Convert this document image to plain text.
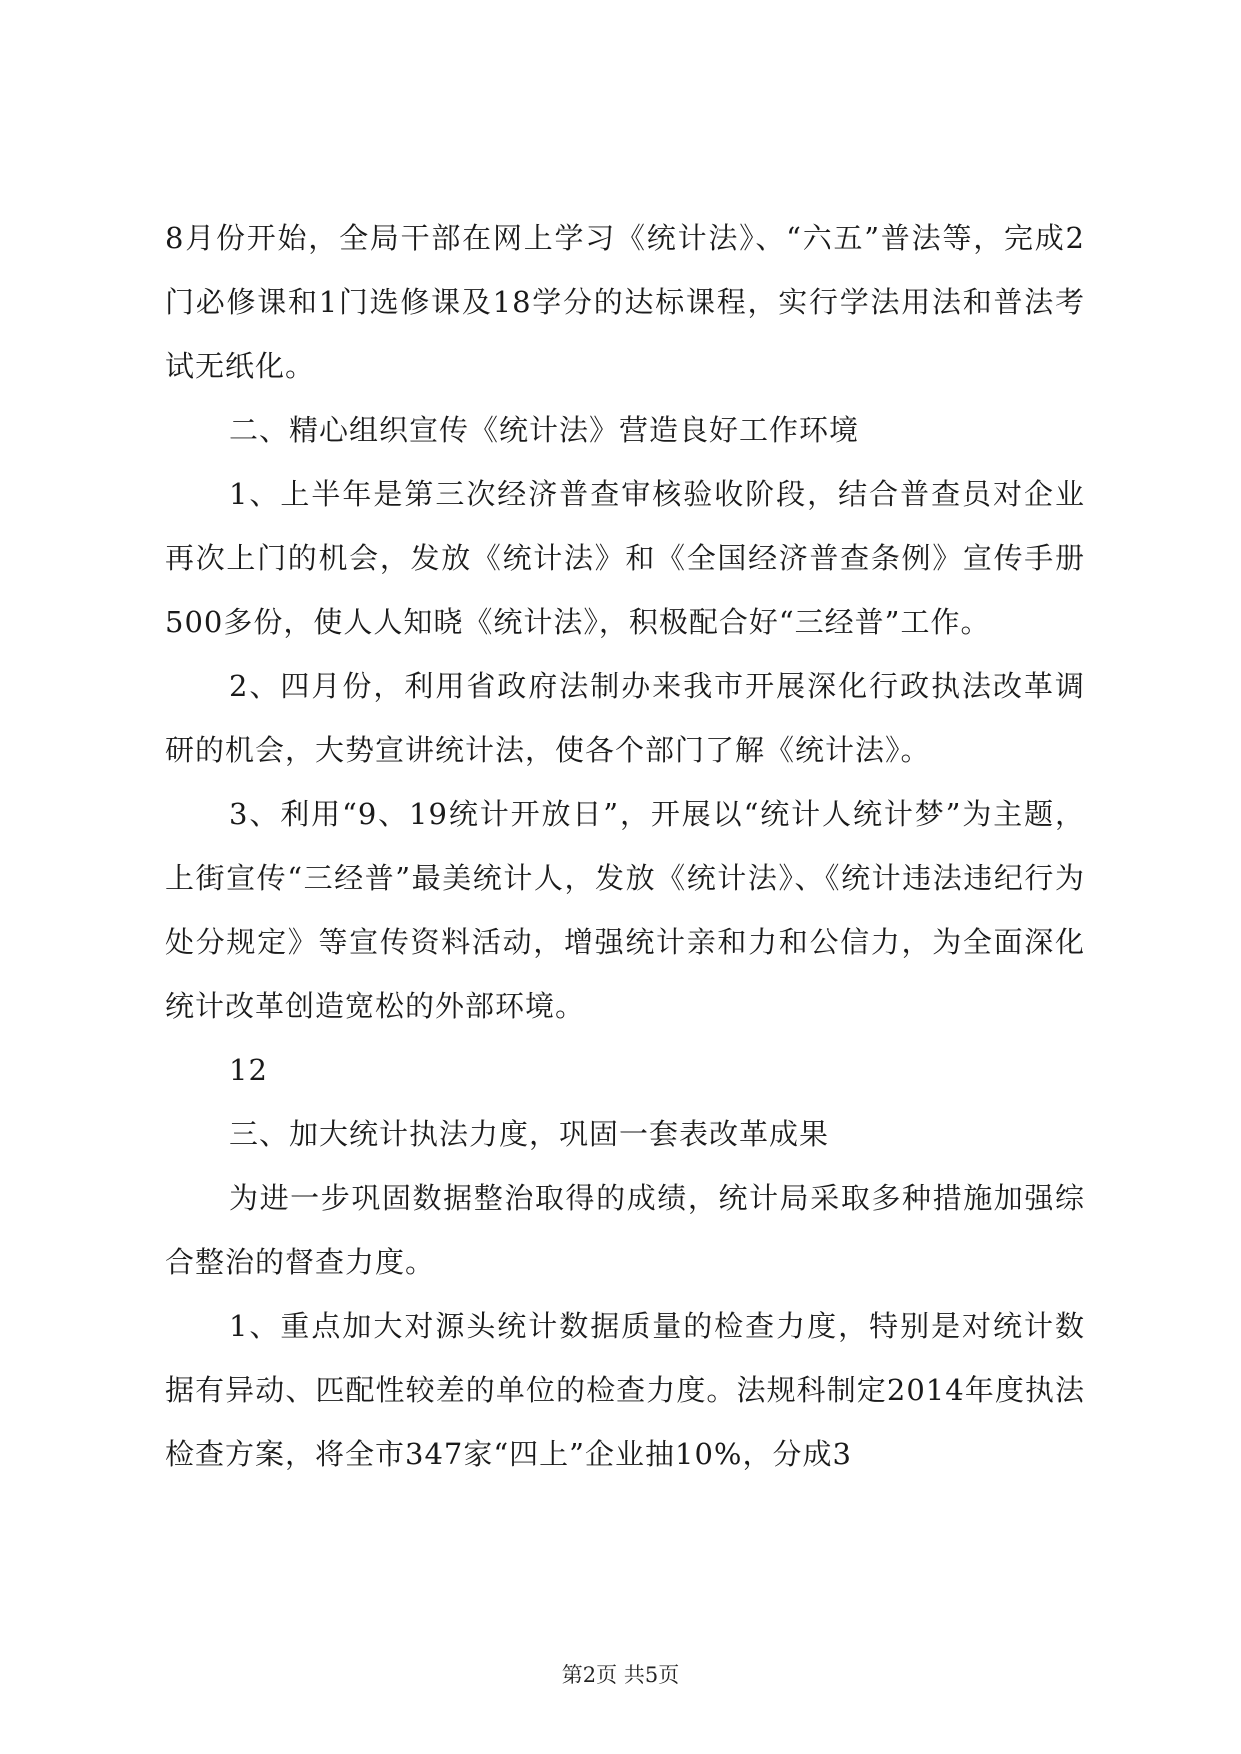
8月份开始，全局干部在网上学习《统计法》、“六五”普法等，完成2门必修课和1门选修课及18学分的达标课程，实行学法用法和普法考试无纸化。

二、精心组织宣传《统计法》营造良好工作环境

1、上半年是第三次经济普查审核验收阶段，结合普查员对企业再次上门的机会，发放《统计法》和《全国经济普查条例》宣传手册500多份，使人人知晓《统计法》，积极配合好“三经普”工作。

2、四月份，利用省政府法制办来我市开展深化行政执法改革调研的机会，大势宣讲统计法，使各个部门了解《统计法》。

3、利用“9、19统计开放日”，开展以“统计人统计梦”为主题，上街宣传“三经普”最美统计人，发放《统计法》、《统计违法违纪行为处分规定》等宣传资料活动，增强统计亲和力和公信力，为全面深化统计改革创造宽松的外部环境。

12

三、加大统计执法力度，巩固一套表改革成果

为进一步巩固数据整治取得的成绩，统计局采取多种措施加强综合整治的督查力度。

1、重点加大对源头统计数据质量的检查力度，特别是对统计数据有异动、匹配性较差的单位的检查力度。法规科制定2014年度执法检查方案，将全市347家“四上”企业抽10%，分成3

第2页 共5页
